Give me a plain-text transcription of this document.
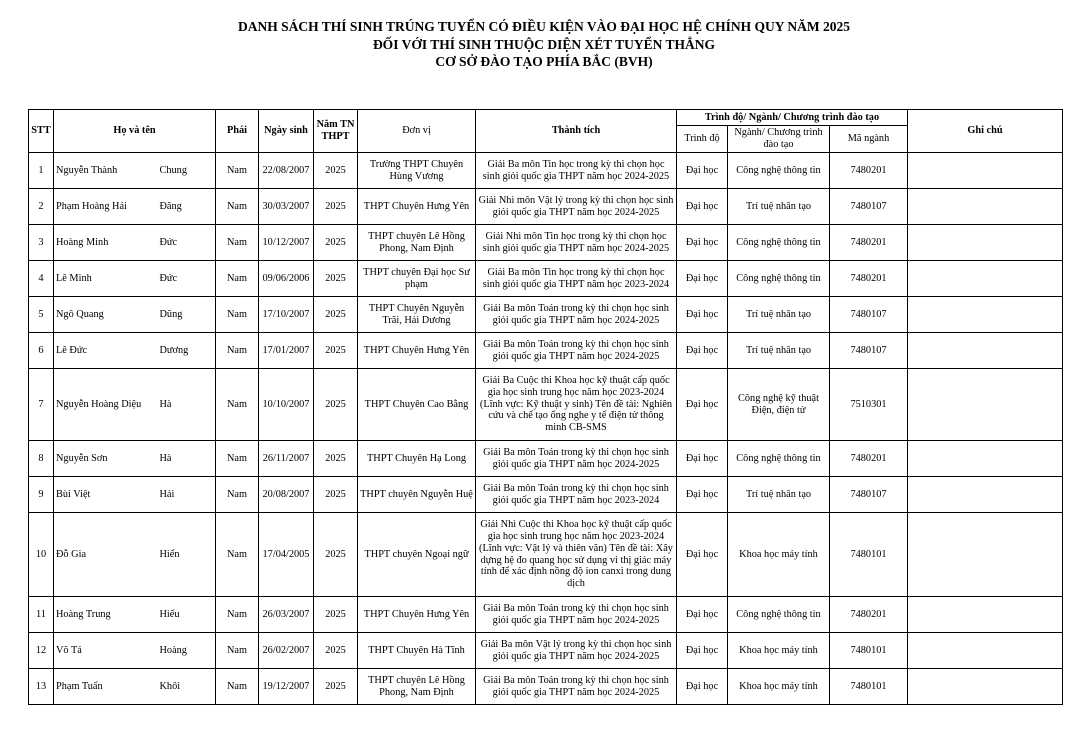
DANH SÁCH THÍ SINH TRÚNG TUYỂN CÓ ĐIỀU KIỆN VÀO ĐẠI HỌC HỆ CHÍNH QUY NĂM 2025
ĐỐI VỚI THÍ SINH THUỘC DIỆN XÉT TUYỂN THẲNG
CƠ SỞ ĐÀO TẠO PHÍA BẮC (BVH)
STT	Họ và tên		Phái	Ngày sinh	Năm TN THPT	Đơn vị	Thành tích	Trình độ/ Ngành/ Chương trình đào tạo			Ghi chú
								Trình độ	Ngành/ Chương trình đào tạo	Mã ngành	
1	Nguyễn Thành	Chung	Nam	22/08/2007	2025	Trường THPT Chuyên Hùng Vương	Giải Ba môn Tin học trong kỳ thi chọn học sinh giỏi quốc gia THPT năm học 2024-2025	Đại học	Công nghệ thông tin	7480201	
2	Phạm Hoàng Hải	Đăng	Nam	30/03/2007	2025	THPT Chuyên Hưng Yên	Giải Nhì môn Vật lý trong kỳ thi chọn học sinh giỏi quốc gia THPT năm học 2024-2025	Đại học	Trí tuệ nhân tạo	7480107	
3	Hoàng Minh	Đức	Nam	10/12/2007	2025	THPT chuyên Lê Hồng Phong, Nam Định	Giải Nhì môn Tin học trong kỳ thi chọn học sinh giỏi quốc gia THPT năm học 2024-2025	Đại học	Công nghệ thông tin	7480201	
4	Lê Minh	Đức	Nam	09/06/2006	2025	THPT chuyên Đại học Sư phạm	Giải Ba môn Tin học trong kỳ thi chọn học sinh giỏi quốc gia THPT năm học 2023-2024	Đại học	Công nghệ thông tin	7480201	
5	Ngô Quang	Dũng	Nam	17/10/2007	2025	THPT Chuyên Nguyễn Trãi, Hải Dương	Giải Ba môn Toán trong kỳ thi chọn học sinh giỏi quốc gia THPT năm học 2024-2025	Đại học	Trí tuệ nhân tạo	7480107	
6	Lê Đức	Dương	Nam	17/01/2007	2025	THPT Chuyên Hưng Yên	Giải Ba môn Toán trong kỳ thi chọn học sinh giỏi quốc gia THPT năm học 2024-2025	Đại học	Trí tuệ nhân tạo	7480107	
7	Nguyễn Hoàng Diệu	Hà	Nam	10/10/2007	2025	THPT Chuyên Cao Bằng	Giải Ba Cuộc thi Khoa học kỹ thuật cấp quốc gia học sinh trung học năm học 2023-2024 (Lĩnh vực: Kỹ thuật y sinh) Tên đề tài: Nghiên cứu và chế tạo ống nghe y tế điện tử thông minh CB-SMS	Đại học	Công nghệ kỹ thuật Điện, điện tử	7510301	
8	Nguyễn Sơn	Hà	Nam	26/11/2007	2025	THPT Chuyên Hạ Long	Giải Ba môn Toán trong kỳ thi chọn học sinh giỏi quốc gia THPT năm học 2024-2025	Đại học	Công nghệ thông tin	7480201	
9	Bùi Việt	Hải	Nam	20/08/2007	2025	THPT chuyên Nguyễn Huệ	Giải Ba môn Toán trong kỳ thi chọn học sinh giỏi quốc gia THPT năm học 2023-2024	Đại học	Trí tuệ nhân tạo	7480107	
10	Đỗ Gia	Hiển	Nam	17/04/2005	2025	THPT chuyên Ngoại ngữ	Giải Nhì Cuộc thi Khoa học kỹ thuật cấp quốc gia học sinh trung học năm học 2023-2024 (Lĩnh vực: Vật lý và thiên văn) Tên đề tài: Xây dựng hệ đo quang học sử dụng vi thị giác máy tính để xác định nồng độ ion canxi trong dung dịch	Đại học	Khoa học máy tính	7480101	
11	Hoàng Trung	Hiếu	Nam	26/03/2007	2025	THPT Chuyên Hưng Yên	Giải Ba môn Toán trong kỳ thi chọn học sinh giỏi quốc gia THPT năm học 2024-2025	Đại học	Công nghệ thông tin	7480201	
12	Võ Tá	Hoàng	Nam	26/02/2007	2025	THPT Chuyên Hà Tĩnh	Giải Ba môn Vật lý trong kỳ thi chọn học sinh giỏi quốc gia THPT năm học 2024-2025	Đại học	Khoa học máy tính	7480101	
13	Phạm Tuấn	Khôi	Nam	19/12/2007	2025	THPT chuyên Lê Hồng Phong, Nam Định	Giải Ba môn Toán trong kỳ thi chọn học sinh giỏi quốc gia THPT năm học 2024-2025	Đại học	Khoa học máy tính	7480101	
